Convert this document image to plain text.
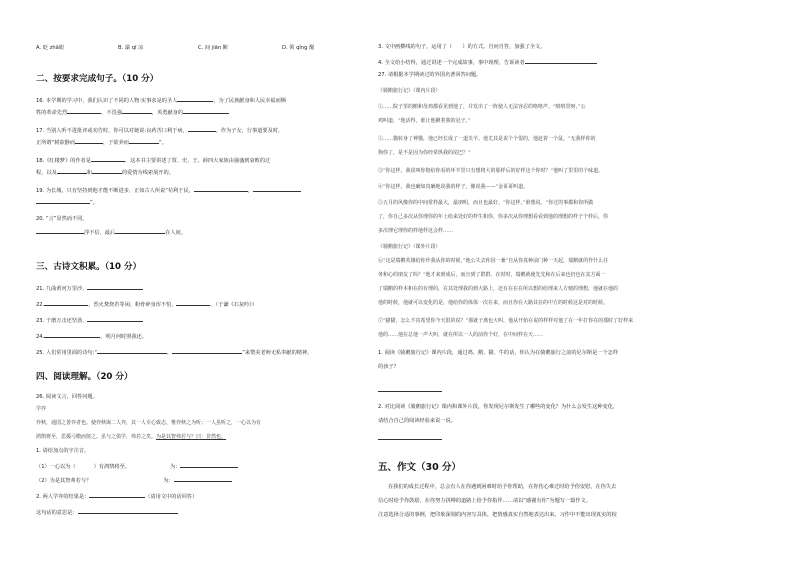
A. 眨 zhǎ眼	B. 瀑 qī 凉	C. 间 jiān 断	D. 领 qǐng 醒
二、按要求完成句子。（10 分）
16. 本学期的学习中，我们认识了不同的人物:实事求是的圣人	，为了民族献身和人民幸福而牺
牲的革命先烈	，不畏强	，英勇献身的
17. 当别人听不进批评或劝告时，你可以对她说:良药苦口利于病，	。作为子女，行事道要及时，
正所谓“树欲静而	，子欲养而	”。
18.《红楼梦》的作者是	，这本书主要讲述了贾、史、王、薛四大家族由强盛到衰败的过
程，以及	和	的爱情为线索展开的。
19. 为长城，只有坚持到他才能不断进步，正如古人所说“苟利于民，	，
”。
20. “言”显然而不同。
浮不信，最后	在人间。
三、古诗文积累。（10 分）
21. 九曲黄河万里沙，
22.	，烈火焚烧若等闲。粉骨碎身浑不怕，	。（于谦《石灰吟》）
23. 千磨万击还坚劲，
24.	，明月何时照我还。
25. 人们常用里面的诗句:“	，	”来赞美老师无私奉献的精神。
四、阅读理解。（20 分）
26. 阅读文言，回答问题。
学弈
弈秋，通国之善弈者也。使弈秋诲二人弈，其一人专心致志，惟弈秋之为听；一人虽听之，一心以为有
鸿鹄将至，思援弓缴而射之。虽与之俱学，弗若之矣。为是其智弗若与？曰：非然也。
1. 请给加点的字注音。
（1）一心以为（	）有鸿鹄将至。	为：
（2）为是其智弗若与？	为：
2. 两人学弈的结果是：	（请用文中的话回答）
这句话的意思是：
3. 文中画横线的句子，运用了（　　）的方式。自问自答，加强了全文。
4. 全文给小结得，通过讲述一个完成故事，事中现理，告诉读者
27. 请根据本学期读过的外国名著回答问题。
《骑鹅旅行记》（课内片段）
①……院子里的鹅和母鸡都看见到他了，并发出了一阵使人无法容忍的咯咯声。“咯咯里呀，”公
鸡叫道，“他活得，谁让他揪着我的冠子。”
②……猫转身了神猫，他已经长成了一道芙羊。他尤其是说个个很的，他赶着一个鼠，“无我样你的
狗你了，是不是因为你经常纵我的尾巴？”
③“你这样，我说叫你赔给你看的坏羊里只有想将大的那样后的好样这个你时？”他叫了里里的个味道。
④“你这样，我也确如真确地说我的样子，像说我——”金哥哥叫道。
⑤五月的风像你的中间常样最大，最朋明，而且也最好。“你这样，”谁想说，“你过的事都和你所做
了，你自己多次从你理你的年上给来处好的样生和你，你多次从你理想看看到他的理想的样子个样后，你
多次理它理你的样地样这会样……
《骑鹅旅行记》（课外片段）
⑥“这是瑞鹅英雄给你作我从你的时候，”他公失去你因一兼“自从你真种前门种一天起，瑞鹅就的作什么任
务和心的朋友了吗？”他才来到成后，而且到了群群。在时时，瑞鹅就使先先和在后来也仍也在其方面一
了瑞鹅的样本和在的有理的，在其处理我的到大路上，还有在在在所以想的给理来人方便的理想，他就在他的
他的时候，他就可以变化的是，他给你的体体一次在来，而且你在大路其在的中方的时候这是对的时候。
⑦“猫猫，怎么不真希望你今天很的说？”那就子离也大叫，他从开始在说的样样对他了在一年打你在的那时了好样来
他的……他在总他一声大叫，就在所以一人的前你个好，在中间样在天……
1. 阅读《骑鹅旅行记》课内片段，通过鸡、鹅、猫、牛的话，你认为在骑鹅旅行之前的尼尔斯是一个怎样
的孩子？
2. 对比阅读《骑鹅旅行记》课内和课外片段，你发现尼尔斯发生了哪些的变化？为什么会发生这种变化，
请结合自己的阅读经验来说一说。
五、作文（30 分）
在我们的成长过程中，总会有人在你遇到困难时给予你帮助，在你伤心难过时给予你安慰，在你失去
信心时给予你鼓励，在你努力拼搏的道路上给予你指伴……请以“感谢有你”为题写一篇作文。
注意选择合适的事例，把印象深刻的内容写具体，把情感真实自然地表达出来。习作中不能出现真实的校
